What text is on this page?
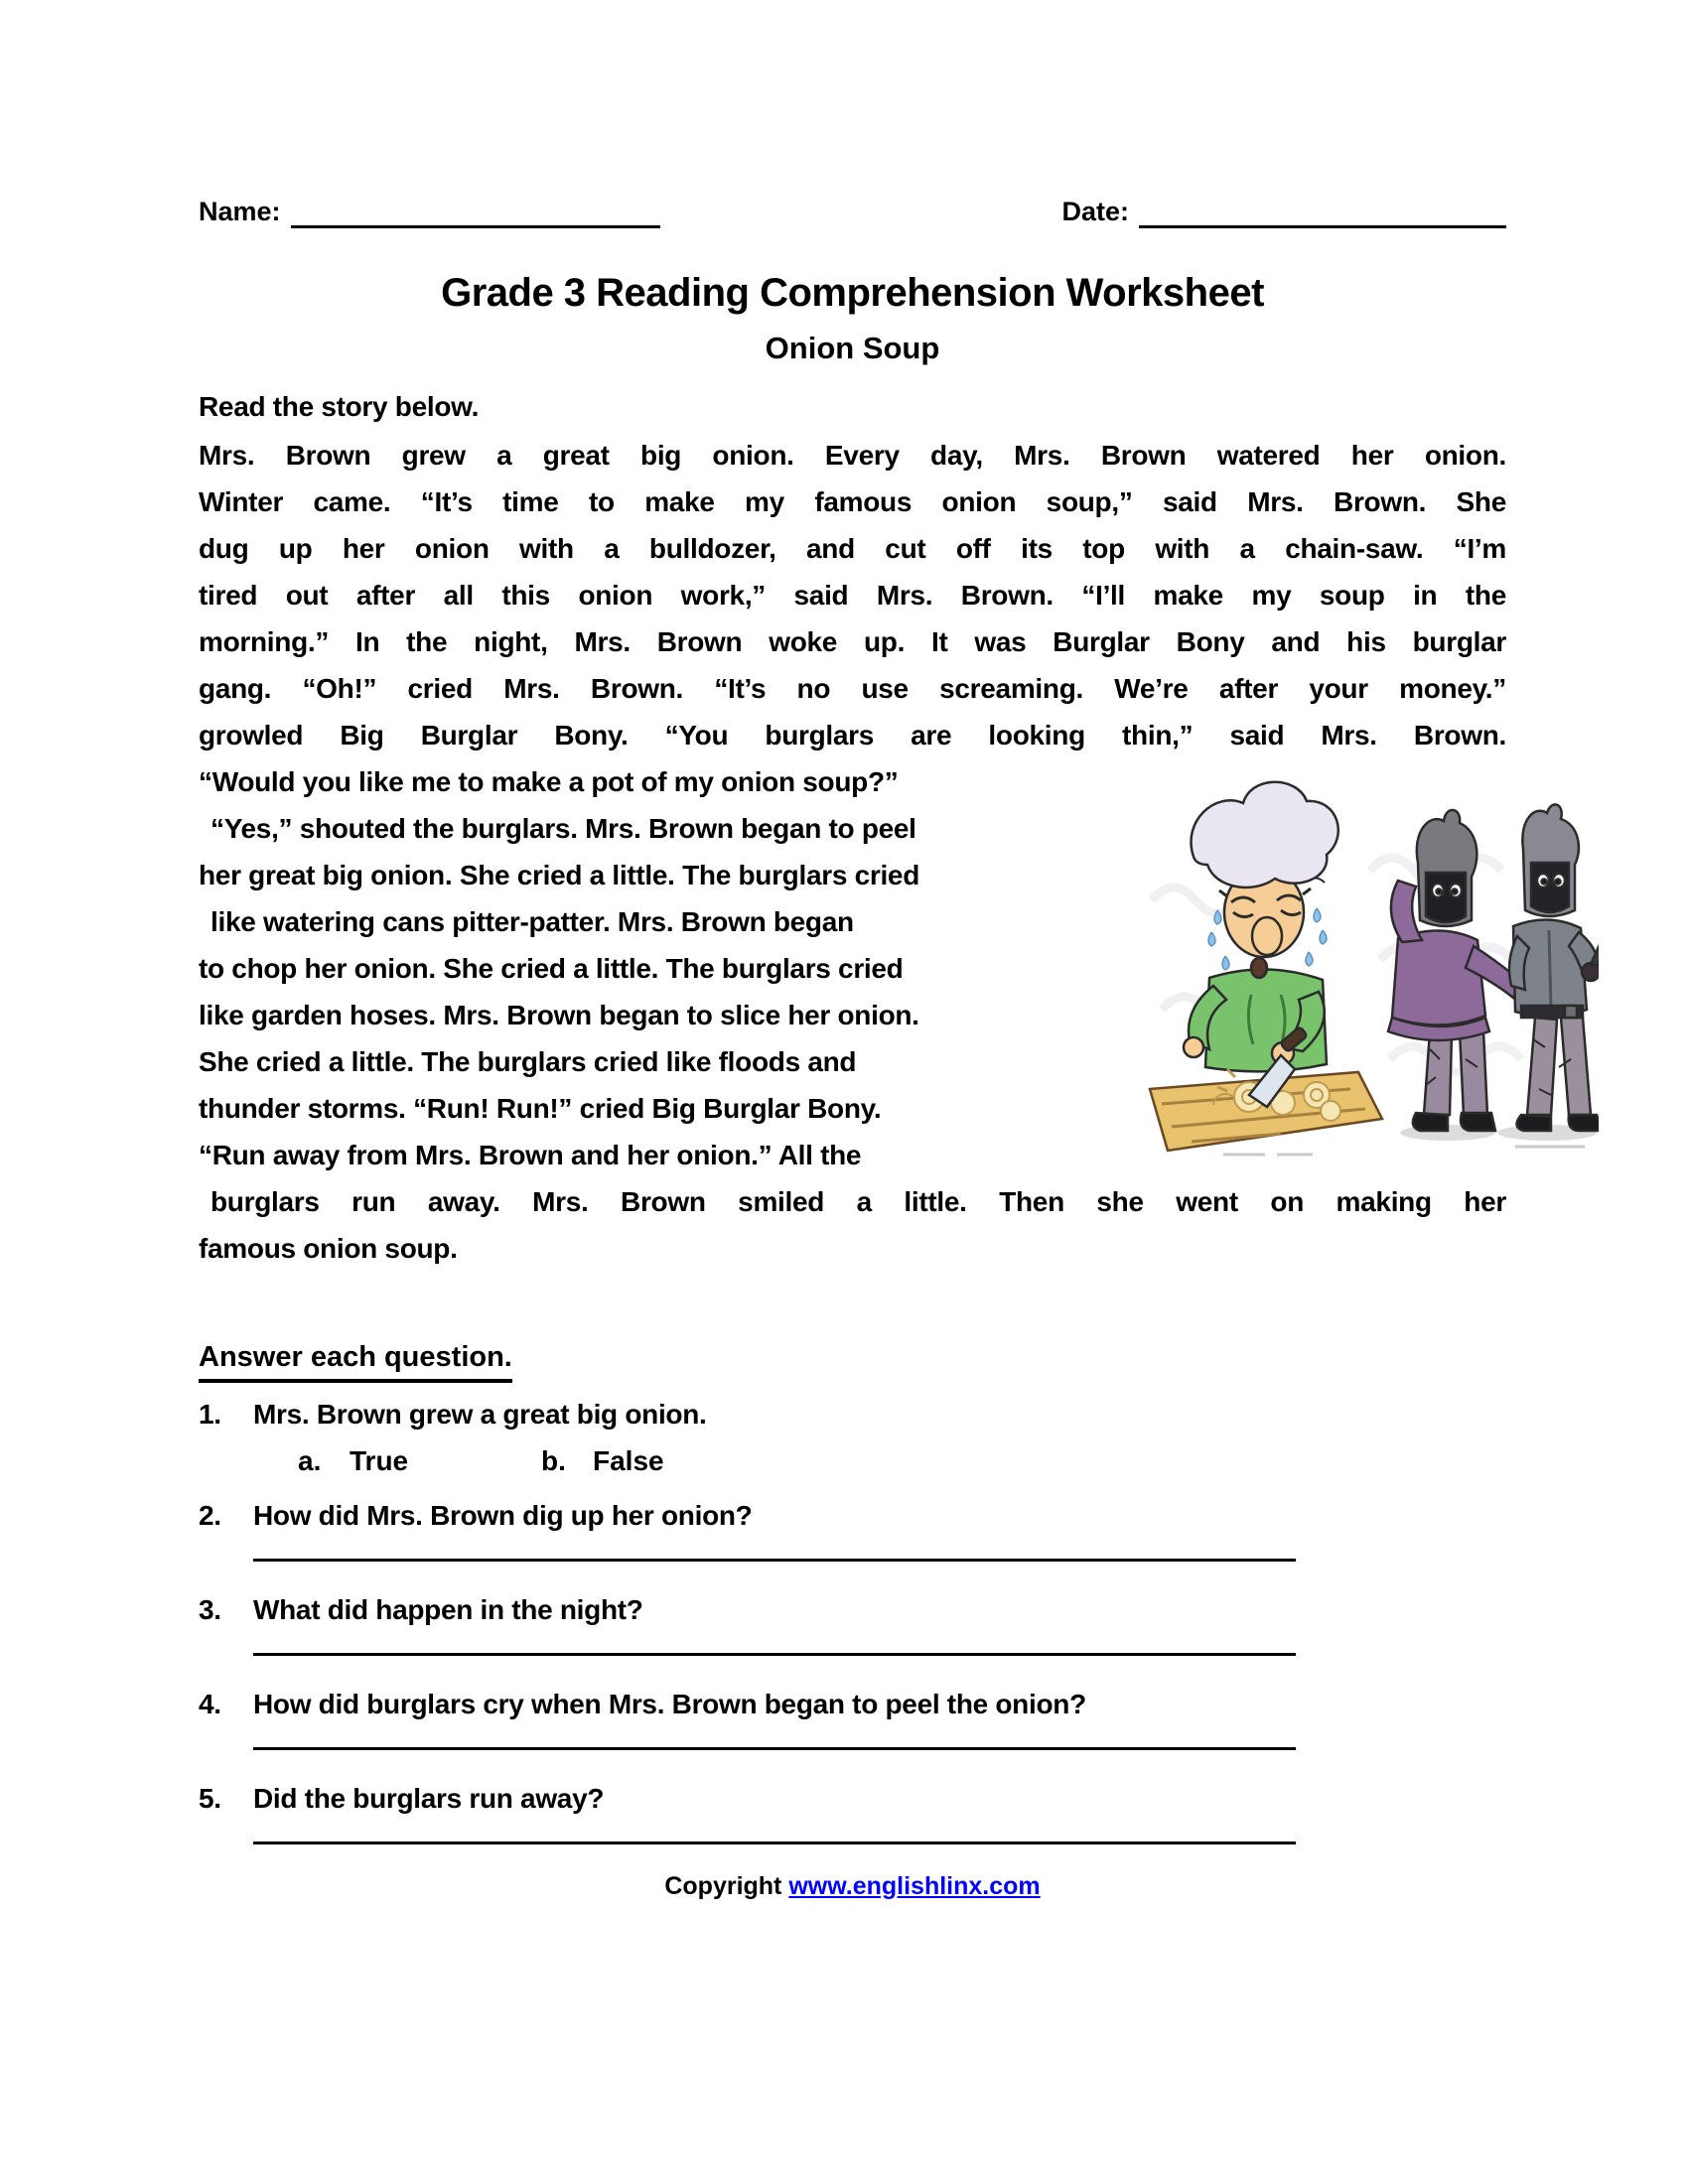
Name:	Date:
Grade 3 Reading Comprehension Worksheet
Onion Soup
Read the story below.
Mrs. Brown grew a great big onion. Every day, Mrs. Brown watered her onion.
Winter came. “It’s time to make my famous onion soup,” said Mrs. Brown. She
dug up her onion with a bulldozer, and cut off its top with a chain-saw. “I’m
tired out after all this onion work,” said Mrs. Brown. “I’ll make my soup in the
morning.” In the night, Mrs. Brown woke up. It was Burglar Bony and his burglar
gang. “Oh!” cried Mrs. Brown. “It’s no use screaming. We’re after your money.”
growled Big Burglar Bony. “You burglars are looking thin,” said Mrs. Brown.
“Would you like me to make a pot of my onion soup?”
“Yes,” shouted the burglars. Mrs. Brown began to peel
her great big onion. She cried a little. The burglars cried
like watering cans pitter-patter. Mrs. Brown began
to chop her onion. She cried a little. The burglars cried
like garden hoses. Mrs. Brown began to slice her onion.
She cried a little. The burglars cried like floods and
thunder storms. “Run! Run!” cried Big Burglar Bony.
“Run away from Mrs. Brown and her onion.” All the
burglars run away. Mrs. Brown smiled a little. Then she went on making her
famous onion soup.
Answer each question.
1.	Mrs. Brown grew a great big onion.
a.	True	b. False
2.	How did Mrs. Brown dig up her onion?
3.	What did happen in the night?
4.	How did burglars cry when Mrs. Brown began to peel the onion?
5.	Did the burglars run away?
Copyright www.englishlinx.com
